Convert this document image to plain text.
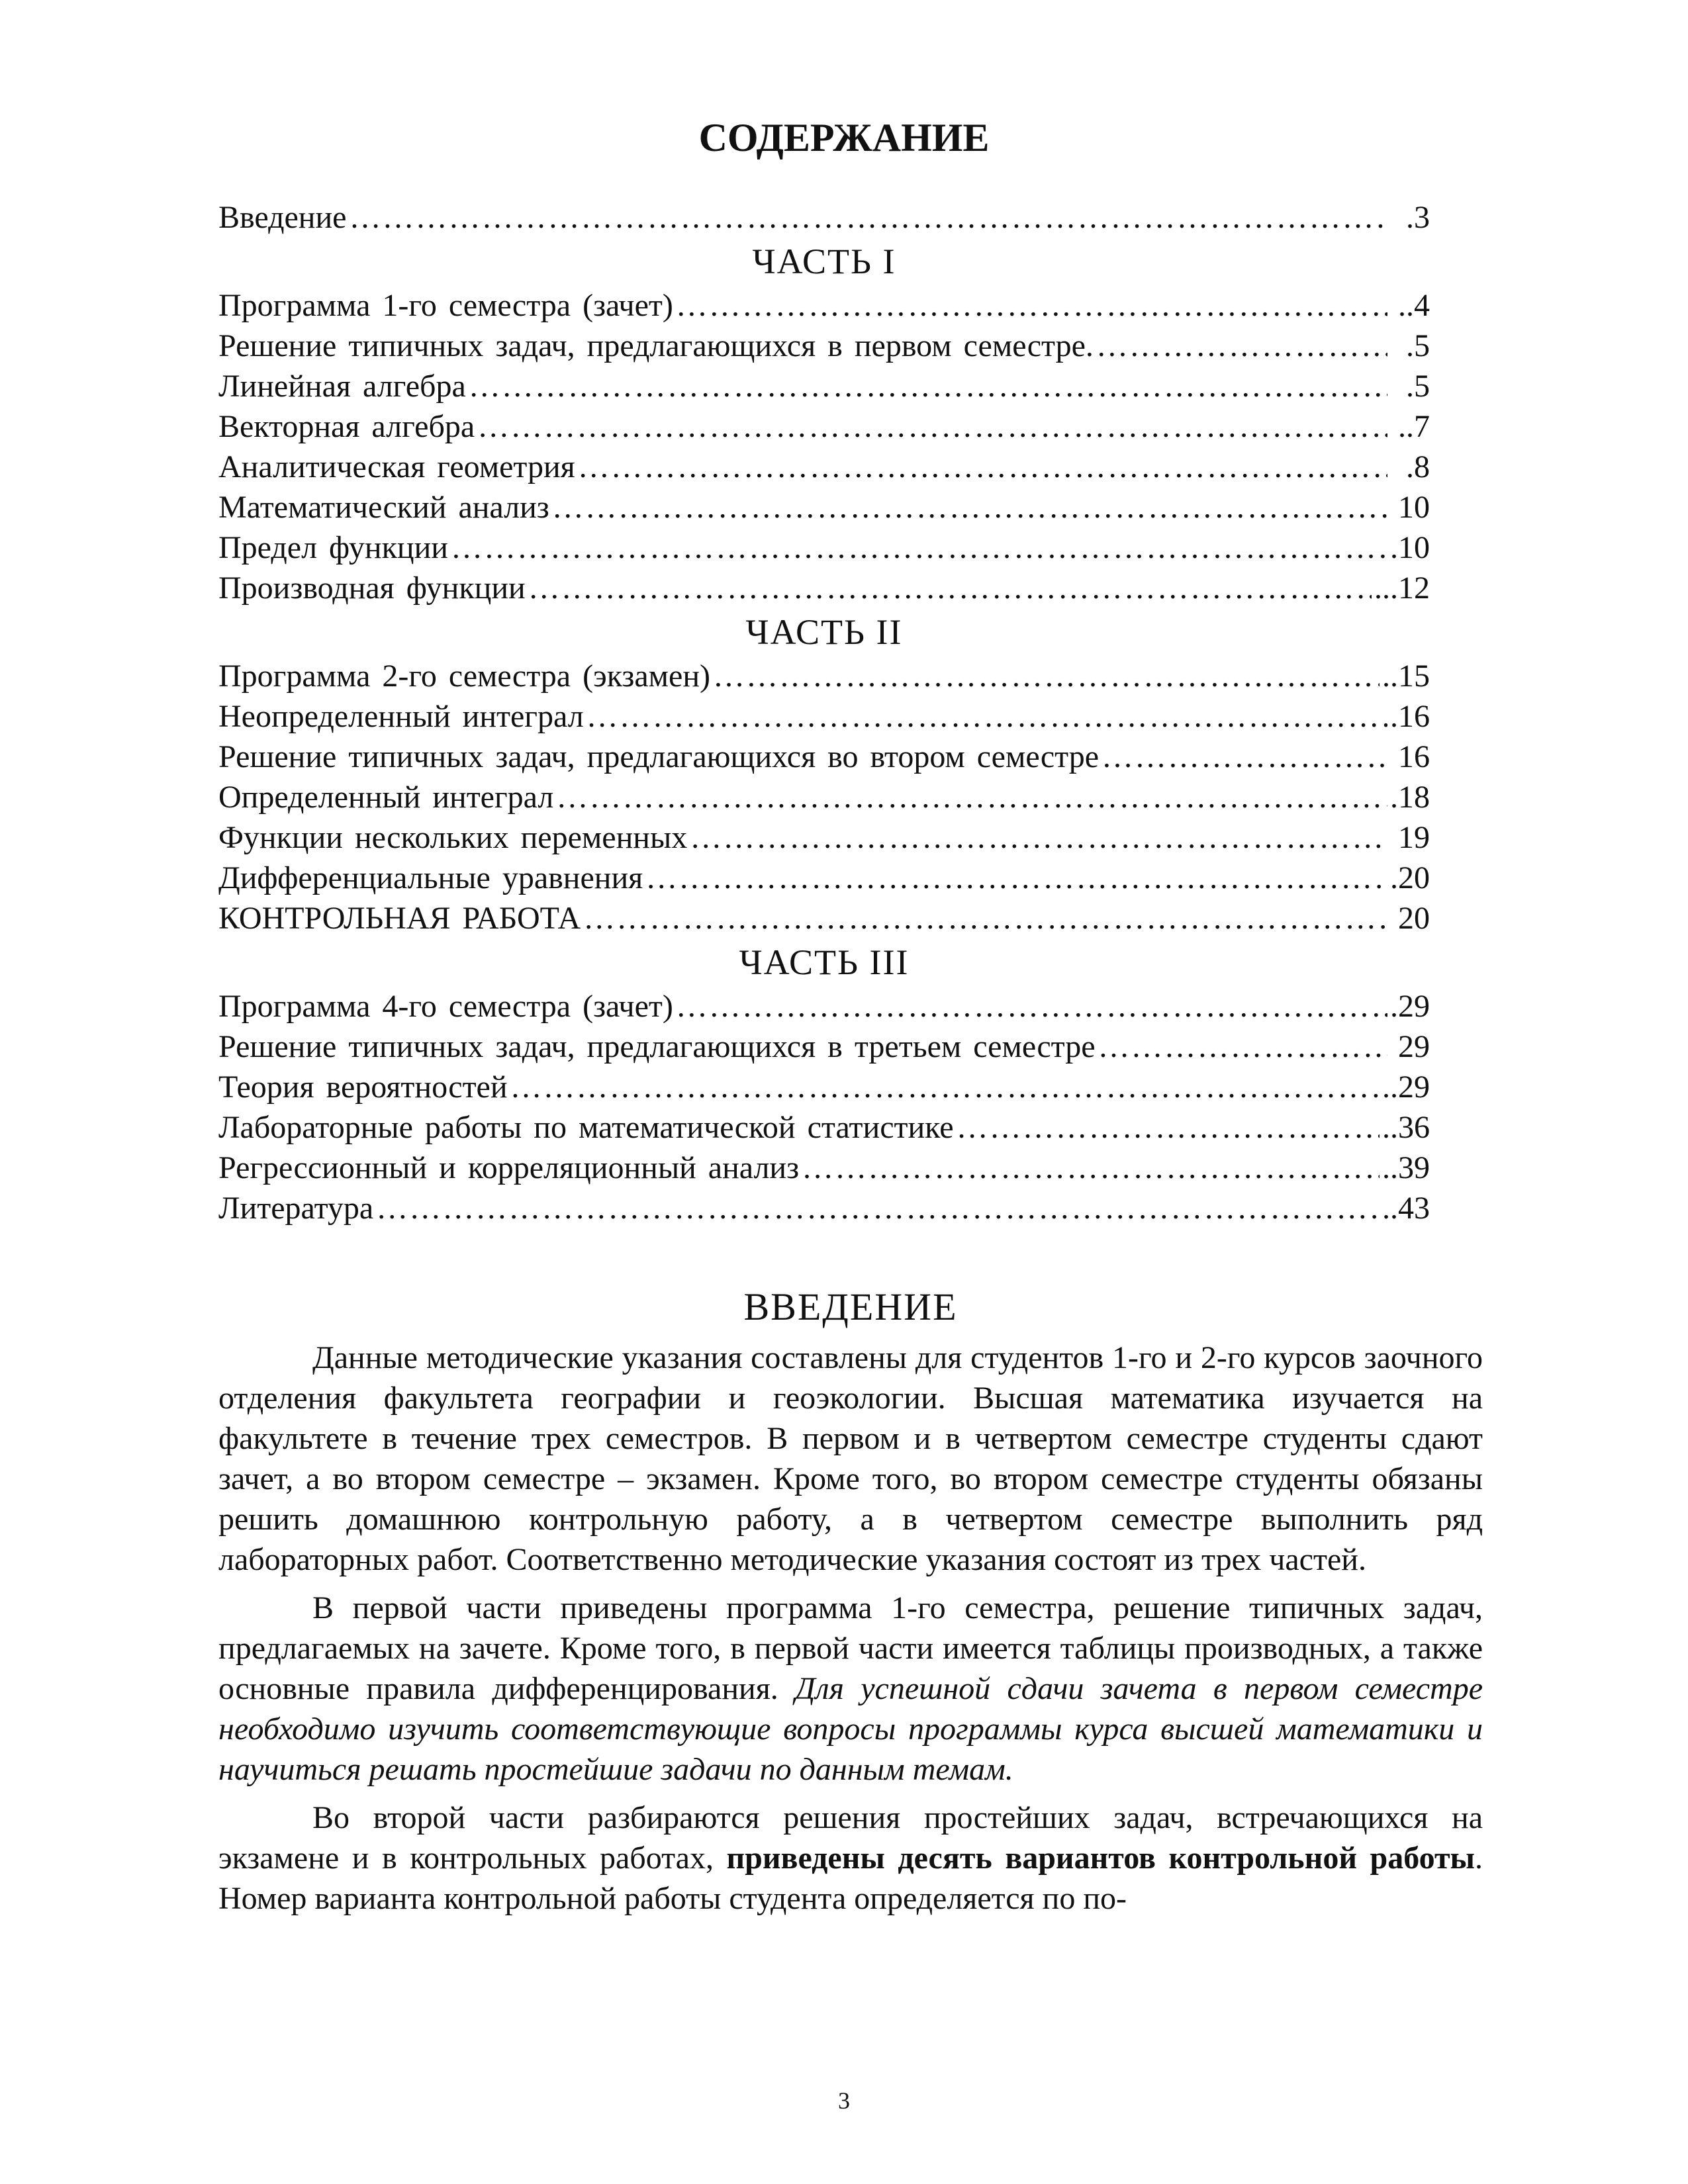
СОДЕРЖАНИЕ
Введение …………………………………………………………………………………………………………………………………………………………………………………………………………………	.3
ЧАСТЬ I
Программа 1-го семестра (зачет) …………………………………………………………………………………………………………………………………………………………………………………………………………………	..4
Решение типичных задач, предлагающихся в первом семестре. …………………………………………………………………………………………………………………………………………………………………………………………………………………	.5
Линейная алгебра …………………………………………………………………………………………………………………………………………………………………………………………………………………	.5
Векторная алгебра …………………………………………………………………………………………………………………………………………………………………………………………………………………	..7
Аналитическая геометрия …………………………………………………………………………………………………………………………………………………………………………………………………………………	.8
Математический анализ …………………………………………………………………………………………………………………………………………………………………………………………………………………	10
Предел функции …………………………………………………………………………………………………………………………………………………………………………………………………………………	.10
Производная функции …………………………………………………………………………………………………………………………………………………………………………………………………………………	...12
ЧАСТЬ II
Программа 2-го семестра (экзамен) …………………………………………………………………………………………………………………………………………………………………………………………………………………	..15
Неопределенный интеграл …………………………………………………………………………………………………………………………………………………………………………………………………………………	.16
Решение типичных задач, предлагающихся во втором семестре …………………………………………………………………………………………………………………………………………………………………………………………………………………	16
Определенный интеграл …………………………………………………………………………………………………………………………………………………………………………………………………………………	.18
Функции нескольких переменных …………………………………………………………………………………………………………………………………………………………………………………………………………………	19
Дифференциальные уравнения …………………………………………………………………………………………………………………………………………………………………………………………………………………	.20
КОНТРОЛЬНАЯ РАБОТА …………………………………………………………………………………………………………………………………………………………………………………………………………………	20
ЧАСТЬ III
Программа 4-го семестра (зачет) …………………………………………………………………………………………………………………………………………………………………………………………………………………	.29
Решение типичных задач, предлагающихся в третьем семестре …………………………………………………………………………………………………………………………………………………………………………………………………………………	29
Теория вероятностей …………………………………………………………………………………………………………………………………………………………………………………………………………………	..29
Лабораторные работы по математической статистике …………………………………………………………………………………………………………………………………………………………………………………………………………………	..36
Регрессионный и корреляционный анализ …………………………………………………………………………………………………………………………………………………………………………………………………………………	..39
Литература …………………………………………………………………………………………………………………………………………………………………………………………………………………	..43
ВВЕДЕНИЕ

Данные методические указания составлены для студентов 1-го и 2-го курсов заочного отделения факультета географии и геоэкологии. Высшая математика изучается на факультете в течение трех семестров. В первом и в четвертом семестре студенты сдают зачет, а во втором семестре – экзамен. Кроме того, во втором семестре студенты обязаны решить домашнюю контрольную работу, а в четвертом семестре выполнить ряд лабораторных работ. Соответственно методические указания состоят из трех частей.

В первой части приведены программа 1-го семестра, решение типичных задач, предлагаемых на зачете. Кроме того, в первой части имеется таблицы производных, а также основные правила дифференцирования. Для успешной сдачи зачета в первом семестре необходимо изучить соответствующие вопросы программы курса высшей математики и научиться решать простейшие задачи по данным темам.

Во второй части разбираются решения простейших задач, встречающихся на экзамене и в контрольных работах, приведены десять вариантов контрольной работы. Номер варианта контрольной работы студента определяется по по-

3
